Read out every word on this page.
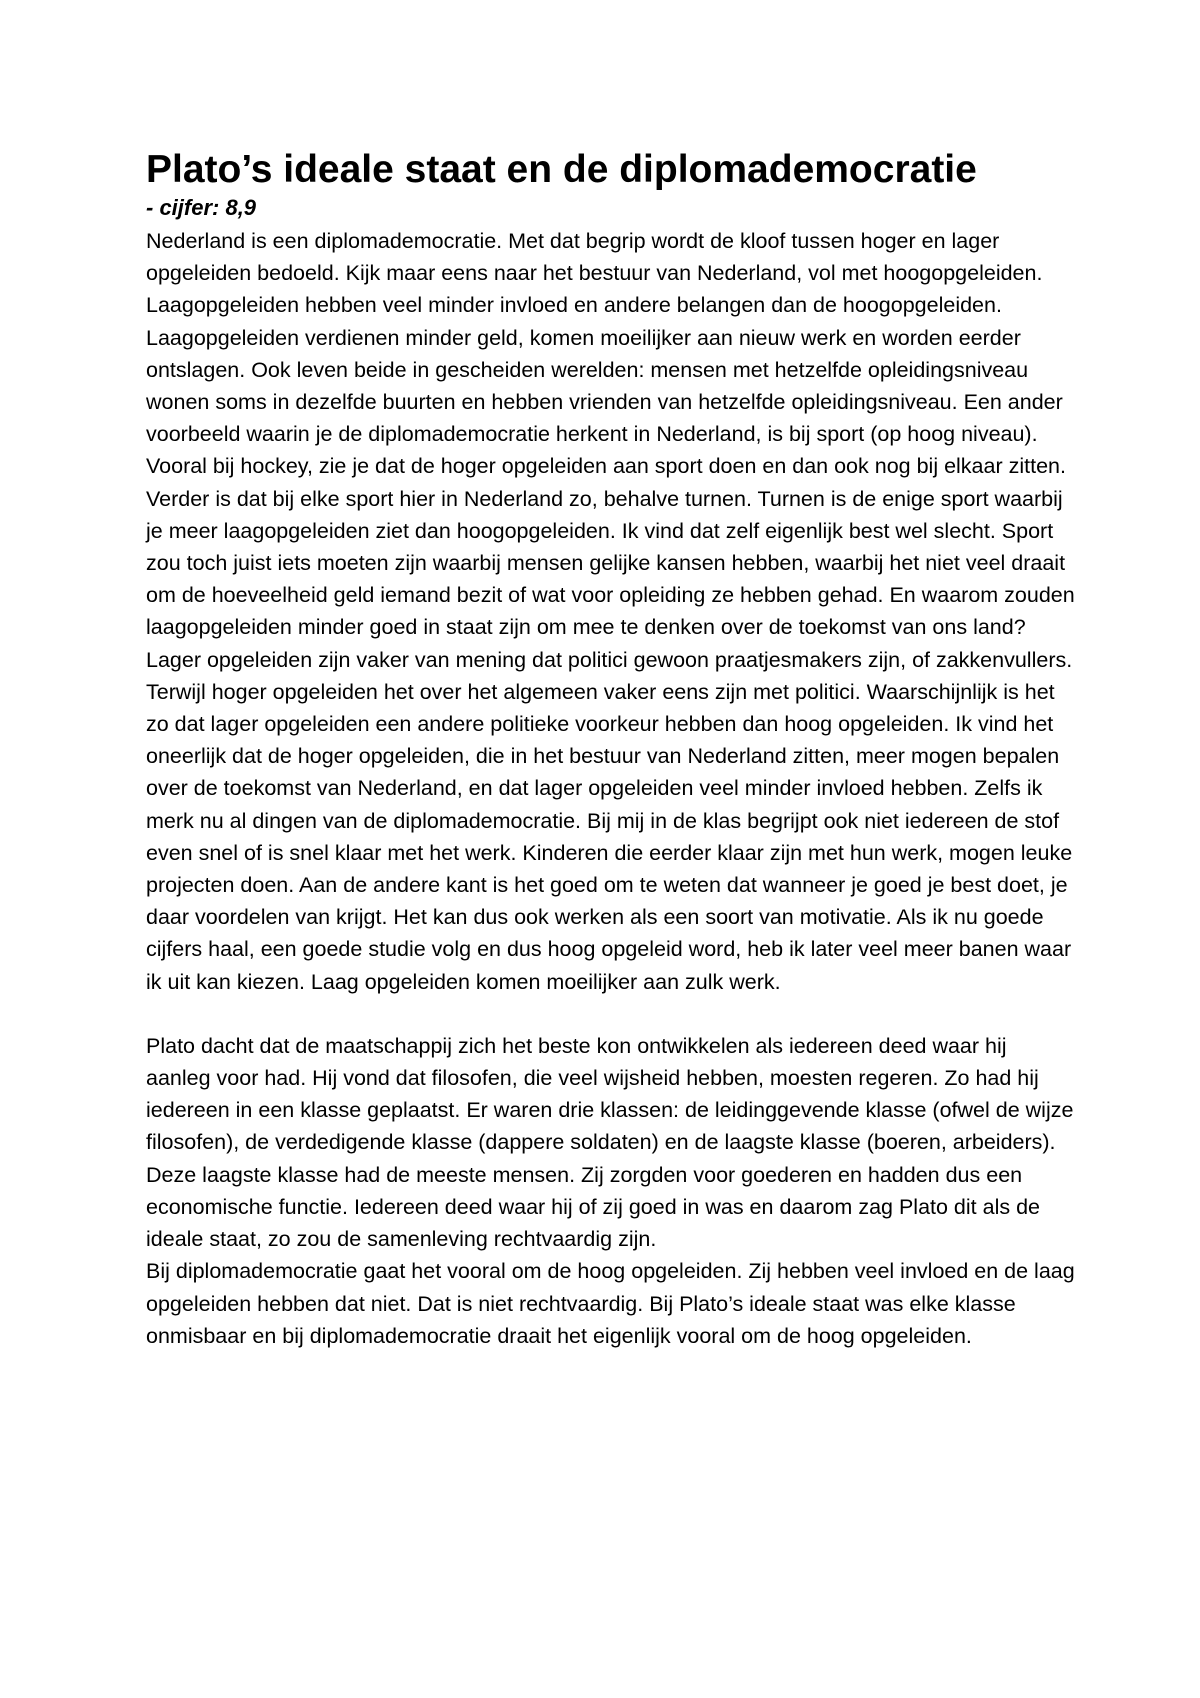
Plato’s ideale staat en de diplomademocratie
- cijfer: 8,9

Nederland is een diplomademocratie. Met dat begrip wordt de kloof tussen hoger en lager opgeleiden bedoeld. Kijk maar eens naar het bestuur van Nederland, vol met hoogopgeleiden. Laagopgeleiden hebben veel minder invloed en andere belangen dan de hoogopgeleiden. Laagopgeleiden verdienen minder geld, komen moeilijker aan nieuw werk en worden eerder ontslagen. Ook leven beide in gescheiden werelden: mensen met hetzelfde opleidingsniveau wonen soms in dezelfde buurten en hebben vrienden van hetzelfde opleidingsniveau. Een ander voorbeeld waarin je de diplomademocratie herkent in Nederland, is bij sport (op hoog niveau). Vooral bij hockey, zie je dat de hoger opgeleiden aan sport doen en dan ook nog bij elkaar zitten. Verder is dat bij elke sport hier in Nederland zo, behalve turnen. Turnen is de enige sport waarbij je meer laagopgeleiden ziet dan hoogopgeleiden. Ik vind dat zelf eigenlijk best wel slecht. Sport zou toch juist iets moeten zijn waarbij mensen gelijke kansen hebben, waarbij het niet veel draait om de hoeveelheid geld iemand bezit of wat voor opleiding ze hebben gehad. En waarom zouden laagopgeleiden minder goed in staat zijn om mee te denken over de toekomst van ons land? Lager opgeleiden zijn vaker van mening dat politici gewoon praatjesmakers zijn, of zakkenvullers. Terwijl hoger opgeleiden het over het algemeen vaker eens zijn met politici. Waarschijnlijk is het zo dat lager opgeleiden een andere politieke voorkeur hebben dan hoog opgeleiden. Ik vind het oneerlijk dat de hoger opgeleiden, die in het bestuur van Nederland zitten, meer mogen bepalen over de toekomst van Nederland, en dat lager opgeleiden veel minder invloed hebben. Zelfs ik merk nu al dingen van de diplomademocratie. Bij mij in de klas begrijpt ook niet iedereen de stof even snel of is snel klaar met het werk. Kinderen die eerder klaar zijn met hun werk, mogen leuke projecten doen. Aan de andere kant is het goed om te weten dat wanneer je goed je best doet, je daar voordelen van krijgt. Het kan dus ook werken als een soort van motivatie. Als ik nu goede cijfers haal, een goede studie volg en dus hoog opgeleid word, heb ik later veel meer banen waar ik uit kan kiezen. Laag opgeleiden komen moeilijker aan zulk werk.

Plato dacht dat de maatschappij zich het beste kon ontwikkelen als iedereen deed waar hij aanleg voor had. Hij vond dat filosofen, die veel wijsheid hebben, moesten regeren. Zo had hij iedereen in een klasse geplaatst. Er waren drie klassen: de leidinggevende klasse (ofwel de wijze filosofen), de verdedigende klasse (dappere soldaten) en de laagste klasse (boeren, arbeiders). Deze laagste klasse had de meeste mensen. Zij zorgden voor goederen en hadden dus een economische functie. Iedereen deed waar hij of zij goed in was en daarom zag Plato dit als de ideale staat, zo zou de samenleving rechtvaardig zijn.

Bij diplomademocratie gaat het vooral om de hoog opgeleiden. Zij hebben veel invloed en de laag opgeleiden hebben dat niet. Dat is niet rechtvaardig. Bij Plato’s ideale staat was elke klasse onmisbaar en bij diplomademocratie draait het eigenlijk vooral om de hoog opgeleiden.
